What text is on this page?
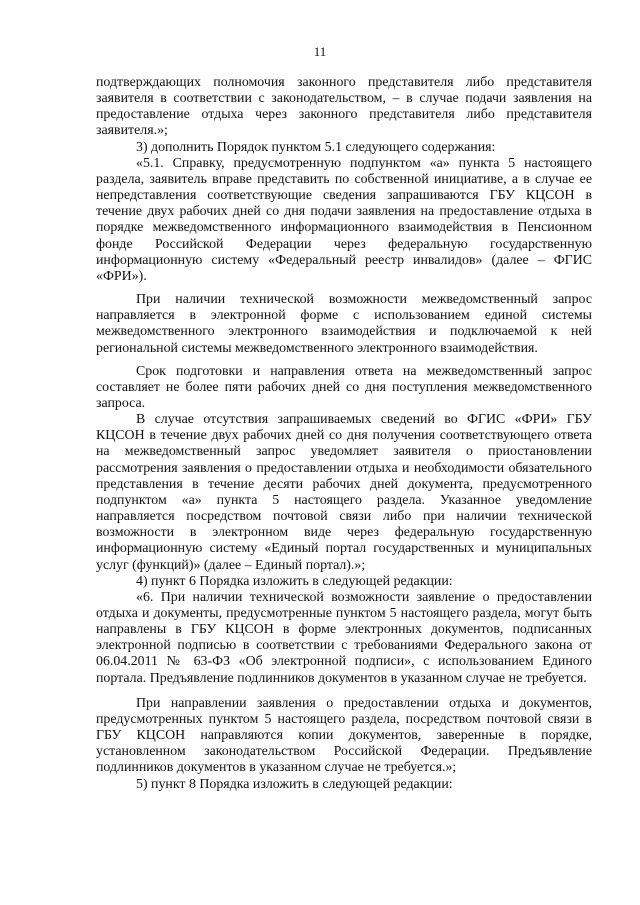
11

подтверждающих полномочия законного представителя либо представителя заявителя в соответствии с законодательством, – в случае подачи заявления на предоставление отдыха через законного представителя либо представителя заявителя.»;

3) дополнить Порядок пунктом 5.1 следующего содержания:

«5.1. Справку, предусмотренную подпунктом «а» пункта 5 настоящего раздела, заявитель вправе представить по собственной инициативе, а в случае ее непредставления соответствующие сведения запрашиваются ГБУ КЦСОН в течение двух рабочих дней со дня подачи заявления на предоставление отдыха в порядке межведомственного информационного взаимодействия в Пенсионном фонде Российской Федерации через федеральную государственную информационную систему «Федеральный реестр инвалидов» (далее – ФГИС «ФРИ»).

При наличии технической возможности межведомственный запрос направляется в электронной форме с использованием единой системы межведомственного электронного взаимодействия и подключаемой к ней региональной системы межведомственного электронного взаимодействия.

Срок подготовки и направления ответа на межведомственный запрос составляет не более пяти рабочих дней со дня поступления межведомственного запроса.

В случае отсутствия запрашиваемых сведений во ФГИС «ФРИ» ГБУ КЦСОН в течение двух рабочих дней со дня получения соответствующего ответа на межведомственный запрос уведомляет заявителя о приостановлении рассмотрения заявления о предоставлении отдыха и необходимости обязательного представления в течение десяти рабочих дней документа, предусмотренного подпунктом «а» пункта 5 настоящего раздела. Указанное уведомление направляется посредством почтовой связи либо при наличии технической возможности в электронном виде через федеральную государственную информационную систему «Единый портал государственных и муниципальных услуг (функций)» (далее – Единый портал).»;

4) пункт 6 Порядка изложить в следующей редакции:

«6. При наличии технической возможности заявление о предоставлении отдыха и документы, предусмотренные пунктом 5 настоящего раздела, могут быть направлены в ГБУ КЦСОН в форме электронных документов, подписанных электронной подписью в соответствии с требованиями Федерального закона от 06.04.2011 № 63-ФЗ «Об электронной подписи», с использованием Единого портала. Предъявление подлинников документов в указанном случае не требуется.

При направлении заявления о предоставлении отдыха и документов, предусмотренных пунктом 5 настоящего раздела, посредством почтовой связи в ГБУ КЦСОН направляются копии документов, заверенные в порядке, установленном законодательством Российской Федерации. Предъявление подлинников документов в указанном случае не требуется.»;

5) пункт 8 Порядка изложить в следующей редакции:
